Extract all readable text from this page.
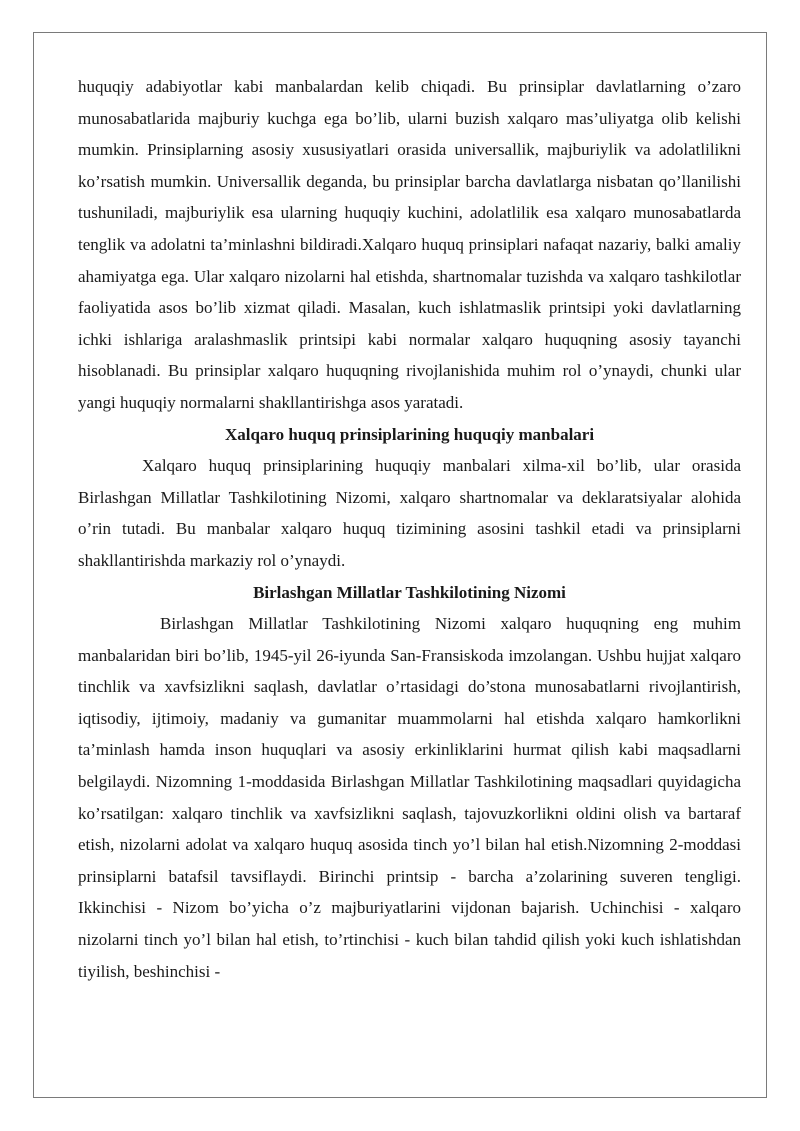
huquqiy adabiyotlar kabi manbalardan kelib chiqadi. Bu prinsiplar davlatlarning o’zaro munosabatlarida majburiy kuchga ega bo’lib, ularni buzish xalqaro mas’uliyatga olib kelishi mumkin. Prinsiplarning asosiy xususiyatlari orasida universallik, majburiylik va adolatlilikni ko’rsatish mumkin. Universallik deganda, bu prinsiplar barcha davlatlarga nisbatan qo’llanilishi tushuniladi, majburiylik esa ularning huquqiy kuchini, adolatlilik esa xalqaro munosabatlarda tenglik va adolatni ta’minlashni bildiradi.Xalqaro huquq prinsiplari nafaqat nazariy, balki amaliy ahamiyatga ega. Ular xalqaro nizolarni hal etishda, shartnomalar tuzishda va xalqaro tashkilotlar faoliyatida asos bo’lib xizmat qiladi. Masalan, kuch ishlatmaslik printsipi yoki davlatlarning ichki ishlariga aralashmaslik printsipi kabi normalar xalqaro huquqning asosiy tayanchi hisoblanadi. Bu prinsiplar xalqaro huquqning rivojlanishida muhim rol o’ynaydi, chunki ular yangi huquqiy normalarni shakllantirishga asos yaratadi.

Xalqaro huquq prinsiplarining huquqiy manbalari

Xalqaro huquq prinsiplarining huquqiy manbalari xilma-xil bo’lib, ular orasida Birlashgan Millatlar Tashkilotining Nizomi, xalqaro shartnomalar va deklaratsiyalar alohida o’rin tutadi. Bu manbalar xalqaro huquq tizimining asosini tashkil etadi va prinsiplarni shakllantirishda markaziy rol o’ynaydi.

Birlashgan Millatlar Tashkilotining Nizomi

Birlashgan Millatlar Tashkilotining Nizomi xalqaro huquqning eng muhim manbalaridan biri bo’lib, 1945-yil 26-iyunda San-Fransiskoda imzolangan. Ushbu hujjat xalqaro tinchlik va xavfsizlikni saqlash, davlatlar o’rtasidagi do’stona munosabatlarni rivojlantirish, iqtisodiy, ijtimoiy, madaniy va gumanitar muammolarni hal etishda xalqaro hamkorlikni ta’minlash hamda inson huquqlari va asosiy erkinliklarini hurmat qilish kabi maqsadlarni belgilaydi. Nizomning 1-moddasida Birlashgan Millatlar Tashkilotining maqsadlari quyidagicha ko’rsatilgan: xalqaro tinchlik va xavfsizlikni saqlash, tajovuzkorlikni oldini olish va bartaraf etish, nizolarni adolat va xalqaro huquq asosida tinch yo’l bilan hal etish.Nizomning 2-moddasi prinsiplarni batafsil tavsiflaydi. Birinchi printsip - barcha a’zolarining suveren tengligi. Ikkinchisi - Nizom bo’yicha o’z majburiyatlarini vijdonan bajarish. Uchinchisi - xalqaro nizolarni tinch yo’l bilan hal etish, to’rtinchisi - kuch bilan tahdid qilish yoki kuch ishlatishdan tiyilish, beshinchisi -
